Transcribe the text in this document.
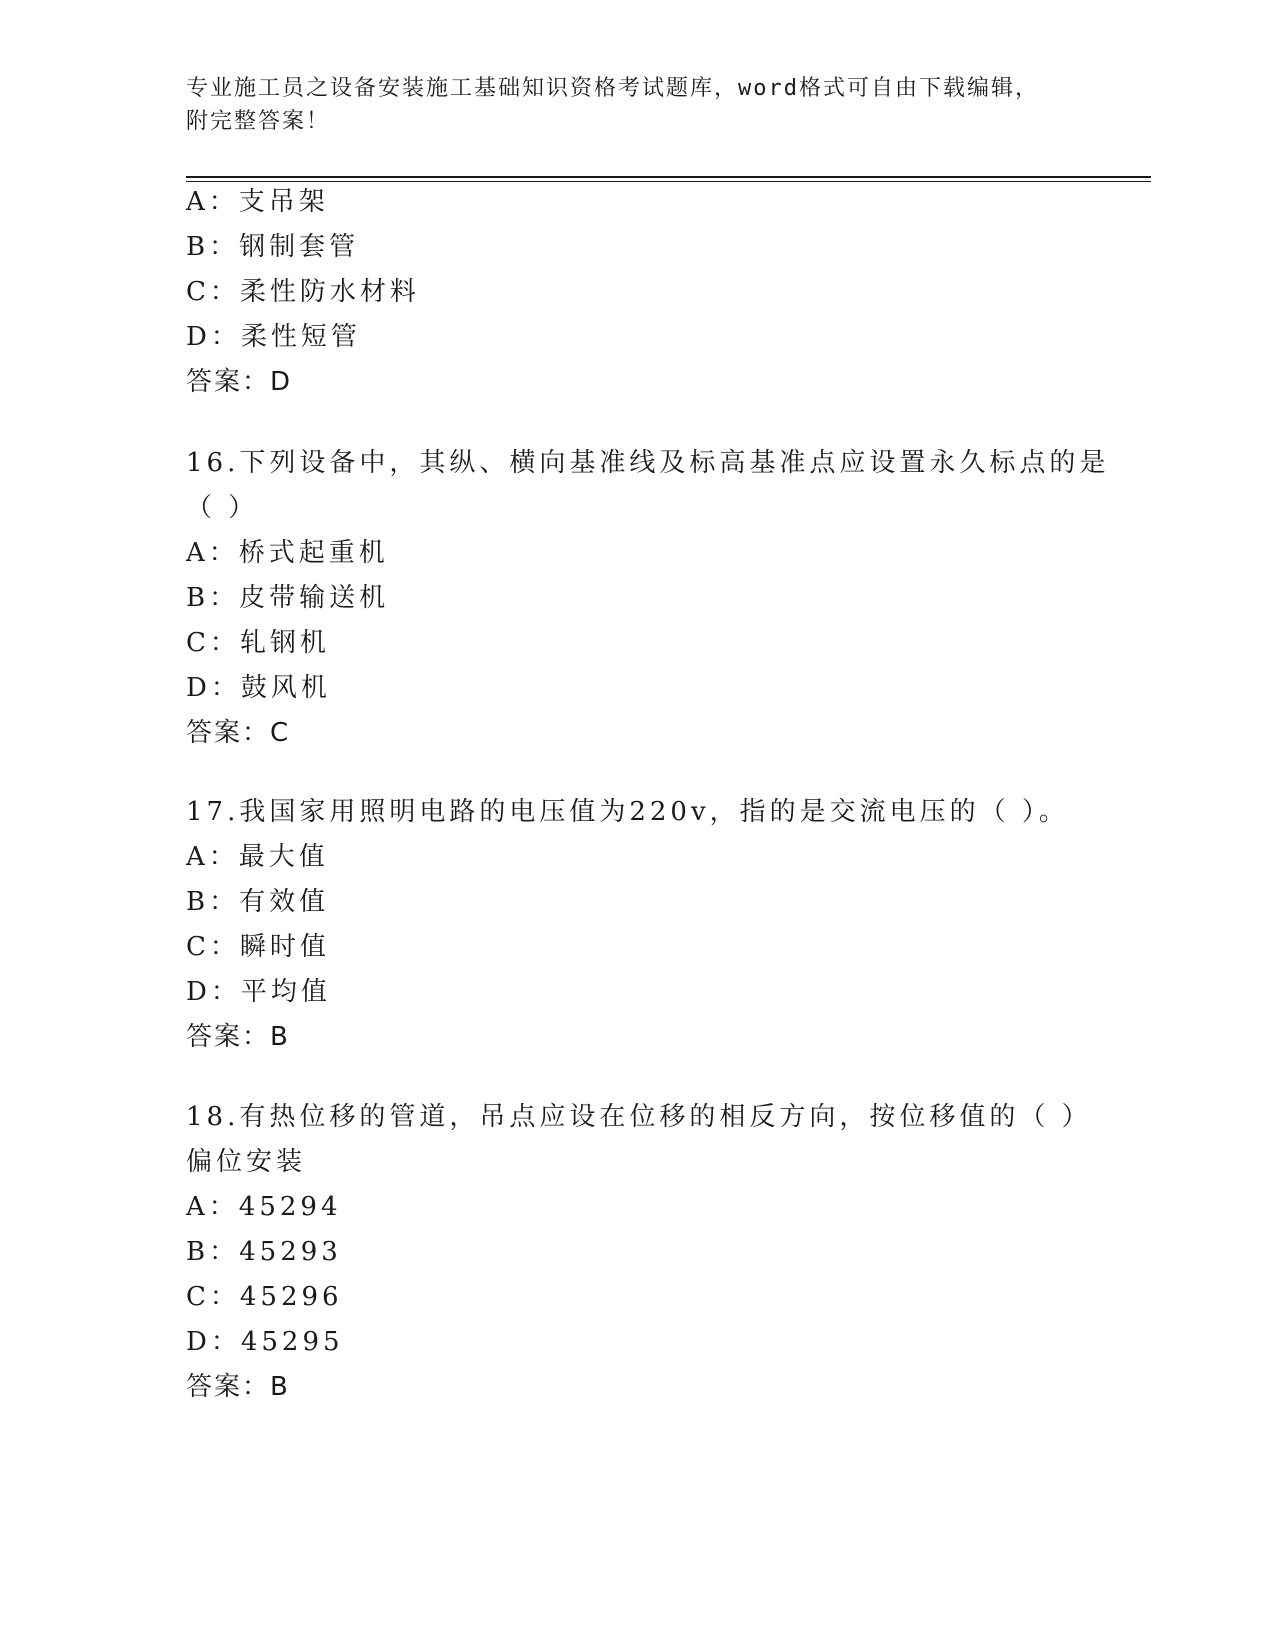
专业施工员之设备安装施工基础知识资格考试题库，word格式可自由下载编辑，
附完整答案！
A：支吊架
B：钢制套管
C：柔性防水材料
D：柔性短管
答案：D
16.下列设备中，其纵、横向基准线及标高基准点应设置永久标点的是
（ ）
A：桥式起重机
B：皮带输送机
C：轧钢机
D：鼓风机
答案：C
17.我国家用照明电路的电压值为220v，指的是交流电压的（ ）。
A：最大值
B：有效值
C：瞬时值
D：平均值
答案：B
18.有热位移的管道，吊点应设在位移的相反方向，按位移值的（ ）
偏位安装
A：45294
B：45293
C：45296
D：45295
答案：B
